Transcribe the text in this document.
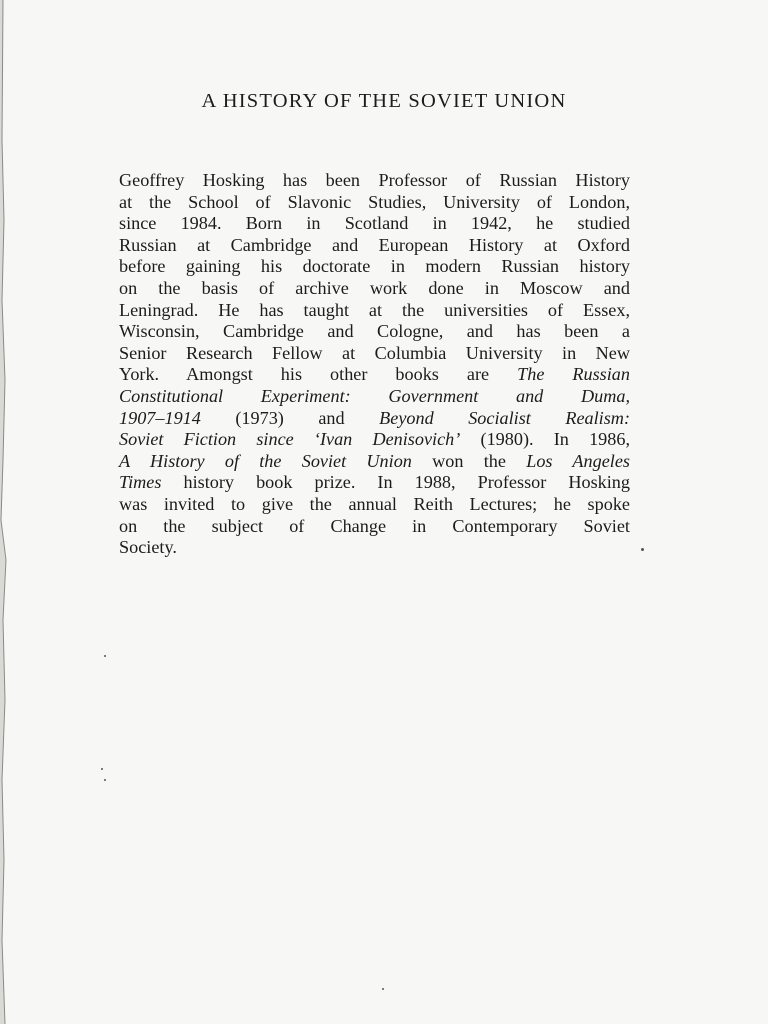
A HISTORY OF THE SOVIET UNION
Geoffrey Hosking has been Professor of Russian History
at the School of Slavonic Studies, University of London,
since 1984. Born in Scotland in 1942, he studied
Russian at Cambridge and European History at Oxford
before gaining his doctorate in modern Russian history
on the basis of archive work done in Moscow and
Leningrad. He has taught at the universities of Essex,
Wisconsin, Cambridge and Cologne, and has been a
Senior Research Fellow at Columbia University in New
York. Amongst his other books are The Russian
Constitutional Experiment: Government and Duma,
1907–1914 (1973) and Beyond Socialist Realism:
Soviet Fiction since ‘Ivan Denisovich’ (1980). In 1986,
A History of the Soviet Union won the Los Angeles
Times history book prize. In 1988, Professor Hosking
was invited to give the annual Reith Lectures; he spoke
on the subject of Change in Contemporary Soviet
Society.
